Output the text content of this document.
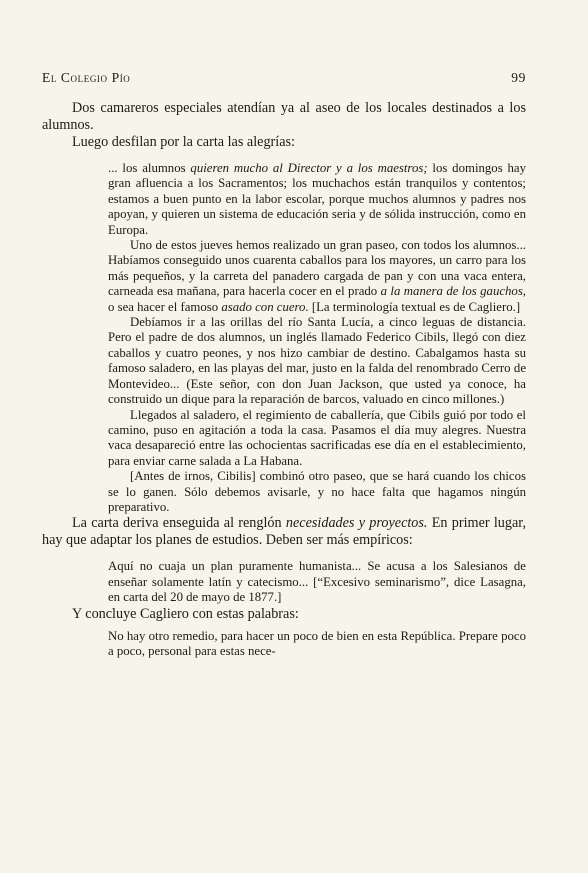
El Colegio Pío	99

Dos camareros especiales atendían ya al aseo de los locales destinados a los alumnos.

Luego desfilan por la carta las alegrías:

... los alumnos quieren mucho al Director y a los maestros; los domingos hay gran afluencia a los Sacramentos; los muchachos están tranquilos y contentos; estamos a buen punto en la labor escolar, porque muchos alumnos y padres nos apoyan, y quieren un sistema de educación seria y de sólida instrucción, como en Europa.

Uno de estos jueves hemos realizado un gran paseo, con todos los alumnos... Habíamos conseguido unos cuarenta caballos para los mayores, un carro para los más pequeños, y la carreta del panadero cargada de pan y con una vaca entera, carneada esa mañana, para hacerla cocer en el prado a la manera de los gauchos, o sea hacer el famoso asado con cuero. [La terminología textual es de Cagliero.]

Debíamos ir a las orillas del río Santa Lucía, a cinco leguas de distancia. Pero el padre de dos alumnos, un inglés llamado Federico Cibils, llegó con diez caballos y cuatro peones, y nos hizo cambiar de destino. Cabalgamos hasta su famoso saladero, en las playas del mar, justo en la falda del renombrado Cerro de Montevideo... (Este señor, con don Juan Jackson, que usted ya conoce, ha construido un dique para la reparación de barcos, valuado en cinco millones.)

Llegados al saladero, el regimiento de caballería, que Cibils guió por todo el camino, puso en agitación a toda la casa. Pasamos el día muy alegres. Nuestra vaca desapareció entre las ochocientas sacrificadas ese día en el establecimiento, para enviar carne salada a La Habana.

[Antes de irnos, Cibilis] combinó otro paseo, que se hará cuando los chicos se lo ganen. Sólo debemos avisarle, y no hace falta que hagamos ningún preparativo.

La carta deriva enseguida al renglón necesidades y proyectos. En primer lugar, hay que adaptar los planes de estudios. Deben ser más empíricos:

Aquí no cuaja un plan puramente humanista... Se acusa a los Salesianos de enseñar solamente latín y catecismo... [“Excesivo seminarismo”, dice Lasagna, en carta del 20 de mayo de 1877.]

Y concluye Cagliero con estas palabras:

No hay otro remedio, para hacer un poco de bien en esta República. Prepare poco a poco, personal para estas nece-
